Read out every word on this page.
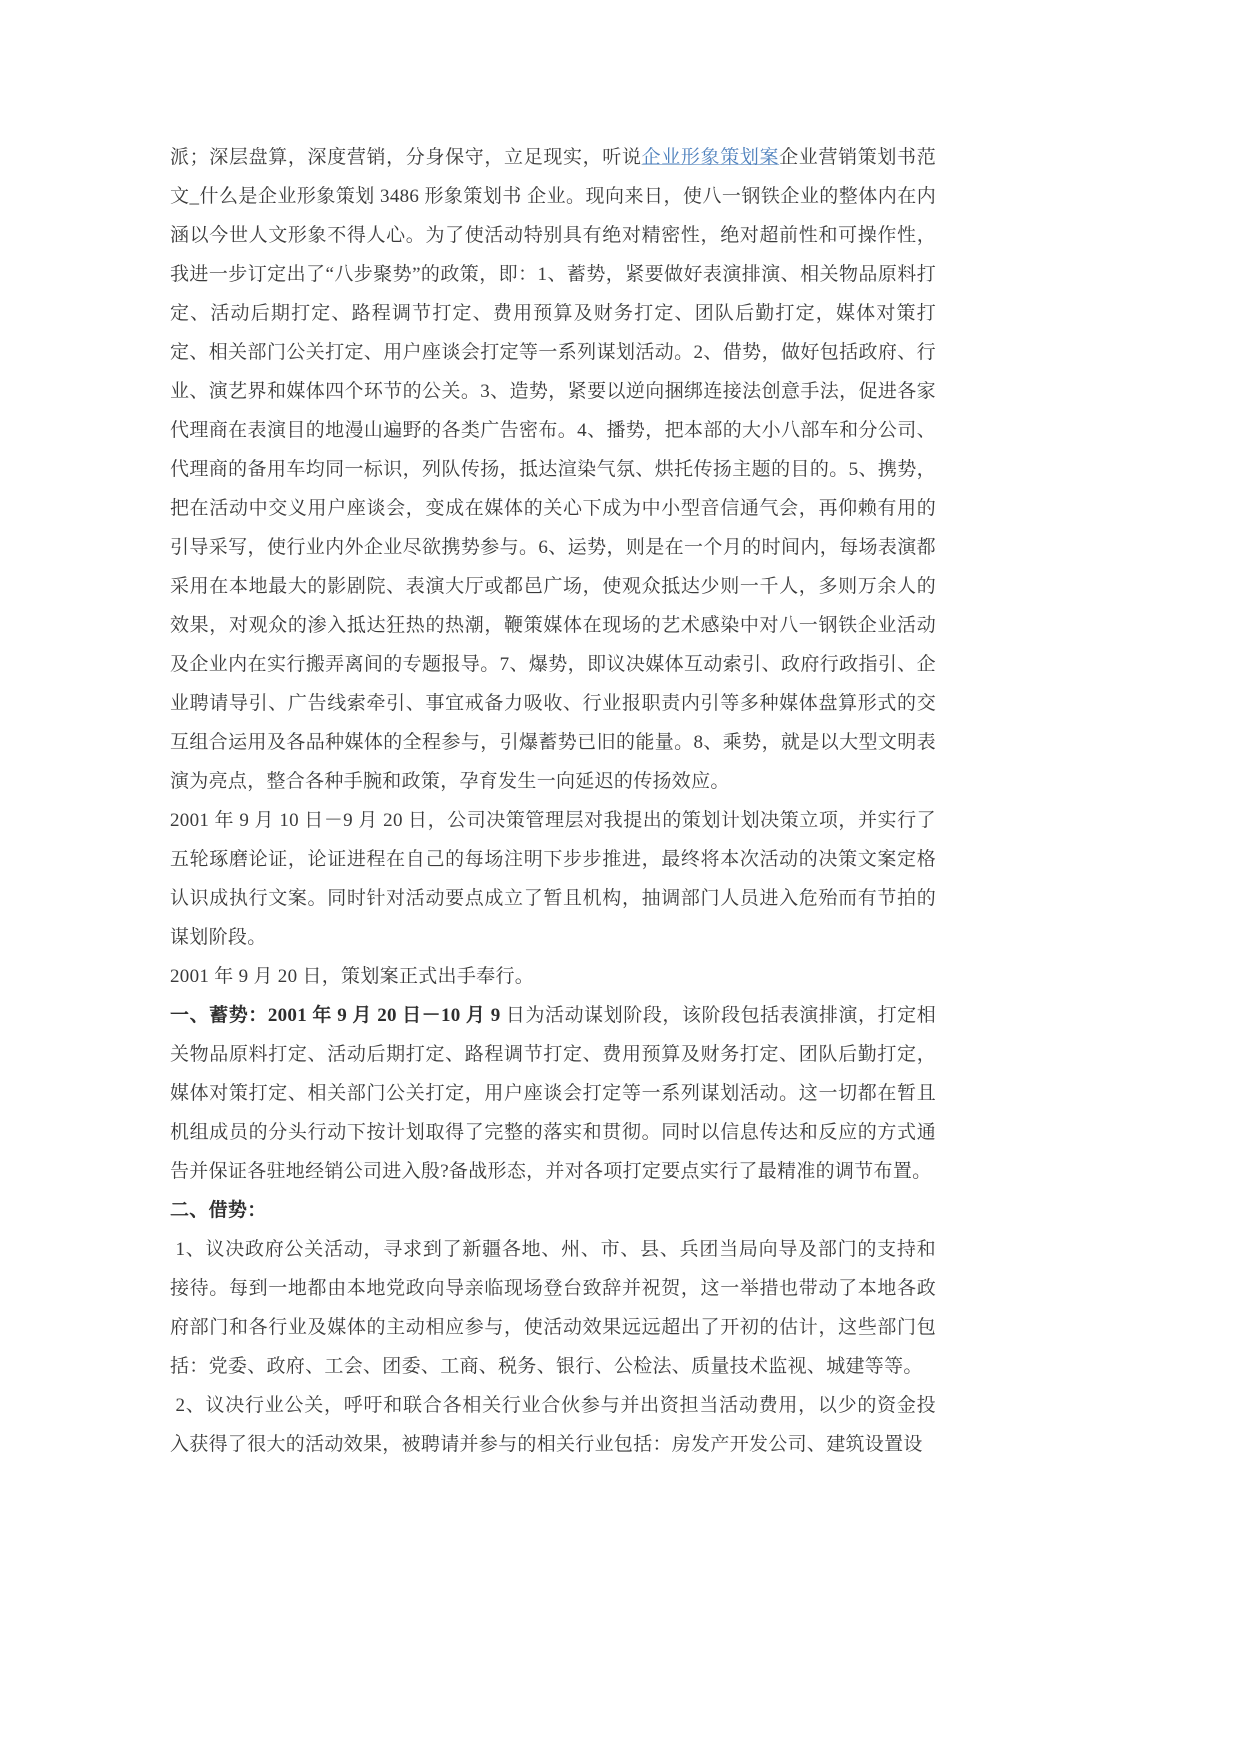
派；深层盘算，深度营销，分身保守，立足现实，听说企业形象策划案企业营销策划书范文_什么是企业形象策划 3486 形象策划书 企业。现向来日，使八一钢铁企业的整体内在内涵以今世人文形象不得人心。为了使活动特别具有绝对精密性，绝对超前性和可操作性，我进一步订定出了“八步聚势”的政策，即：1、蓄势，紧要做好表演排演、相关物品原料打定、活动后期打定、路程调节打定、费用预算及财务打定、团队后勤打定，媒体对策打定、相关部门公关打定、用户座谈会打定等一系列谋划活动。2、借势，做好包括政府、行业、演艺界和媒体四个环节的公关。3、造势，紧要以逆向捆绑连接法创意手法，促进各家代理商在表演目的地漫山遍野的各类广告密布。4、播势，把本部的大小八部车和分公司、代理商的备用车均同一标识，列队传扬，抵达渲染气氛、烘托传扬主题的目的。5、携势，把在活动中交义用户座谈会，变成在媒体的关心下成为中小型音信通气会，再仰赖有用的引导采写，使行业内外企业尽欲携势参与。6、运势，则是在一个月的时间内，每场表演都采用在本地最大的影剧院、表演大厅或都邑广场，使观众抵达少则一千人，多则万余人的效果，对观众的渗入抵达狂热的热潮，鞭策媒体在现场的艺术感染中对八一钢铁企业活动及企业内在实行搬弄离间的专题报导。7、爆势，即议决媒体互动索引、政府行政指引、企业聘请导引、广告线索牵引、事宜戒备力吸收、行业报职责内引等多种媒体盘算形式的交互组合运用及各品种媒体的全程参与，引爆蓄势已旧的能量。8、乘势，就是以大型文明表演为亮点，整合各种手腕和政策，孕育发生一向延迟的传扬效应。

2001 年 9 月 10 日－9 月 20 日，公司决策管理层对我提出的策划计划决策立项，并实行了五轮琢磨论证，论证进程在自己的每场注明下步步推进，最终将本次活动的决策文案定格认识成执行文案。同时针对活动要点成立了暂且机构，抽调部门人员进入危殆而有节拍的谋划阶段。

2001 年 9 月 20 日，策划案正式出手奉行。

一、蓄势：2001 年 9 月 20 日－10 月 9 日为活动谋划阶段，该阶段包括表演排演，打定相关物品原料打定、活动后期打定、路程调节打定、费用预算及财务打定、团队后勤打定，媒体对策打定、相关部门公关打定，用户座谈会打定等一系列谋划活动。这一切都在暂且机组成员的分头行动下按计划取得了完整的落实和贯彻。同时以信息传达和反应的方式通告并保证各驻地经销公司进入殷?备战形态，并对各项打定要点实行了最精准的调节布置。

二、借势：

1、议决政府公关活动，寻求到了新疆各地、州、市、县、兵团当局向导及部门的支持和接待。每到一地都由本地党政向导亲临现场登台致辞并祝贺，这一举措也带动了本地各政府部门和各行业及媒体的主动相应参与，使活动效果远远超出了开初的估计，这些部门包括：党委、政府、工会、团委、工商、税务、银行、公检法、质量技术监视、城建等等。

2、议决行业公关，呼吁和联合各相关行业合伙参与并出资担当活动费用，以少的资金投入获得了很大的活动效果，被聘请并参与的相关行业包括：房发产开发公司、建筑设置设
